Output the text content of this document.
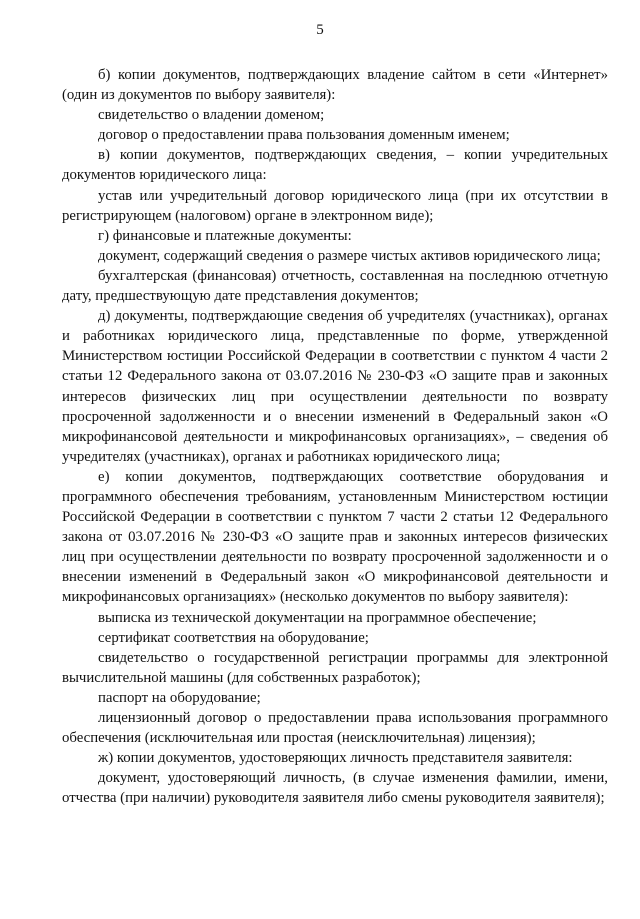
5

б) копии документов, подтверждающих владение сайтом в сети «Интернет» (один из документов по выбору заявителя):

свидетельство о владении доменом;

договор о предоставлении права пользования доменным именем;

в) копии документов, подтверждающих сведения, – копии учредительных документов юридического лица:

устав или учредительный договор юридического лица (при их отсутствии в регистрирующем (налоговом) органе в электронном виде);

г) финансовые и платежные документы:

документ, содержащий сведения о размере чистых активов юридического лица;

бухгалтерская (финансовая) отчетность, составленная на последнюю отчетную дату, предшествующую дате представления документов;

д) документы, подтверждающие сведения об учредителях (участниках), органах и работниках юридического лица, представленные по форме, утвержденной Министерством юстиции Российской Федерации в соответствии с пунктом 4 части 2 статьи 12 Федерального закона от 03.07.2016 № 230-ФЗ «О защите прав и законных интересов физических лиц при осуществлении деятельности по возврату просроченной задолженности и о внесении изменений в Федеральный закон «О микрофинансовой деятельности и микрофинансовых организациях», – сведения об учредителях (участниках), органах и работниках юридического лица;

е) копии документов, подтверждающих соответствие оборудования и программного обеспечения требованиям, установленным Министерством юстиции Российской Федерации в соответствии с пунктом 7 части 2 статьи 12 Федерального закона от 03.07.2016 № 230-ФЗ «О защите прав и законных интересов физических лиц при осуществлении деятельности по возврату просроченной задолженности и о внесении изменений в Федеральный закон «О микрофинансовой деятельности и микрофинансовых организациях» (несколько документов по выбору заявителя):

выписка из технической документации на программное обеспечение;

сертификат соответствия на оборудование;

свидетельство о государственной регистрации программы для электронной вычислительной машины (для собственных разработок);

паспорт на оборудование;

лицензионный договор о предоставлении права использования программного обеспечения (исключительная или простая (неисключительная) лицензия);

ж) копии документов, удостоверяющих личность представителя заявителя:

документ, удостоверяющий личность, (в случае изменения фамилии, имени, отчества (при наличии) руководителя заявителя либо смены руководителя заявителя);
